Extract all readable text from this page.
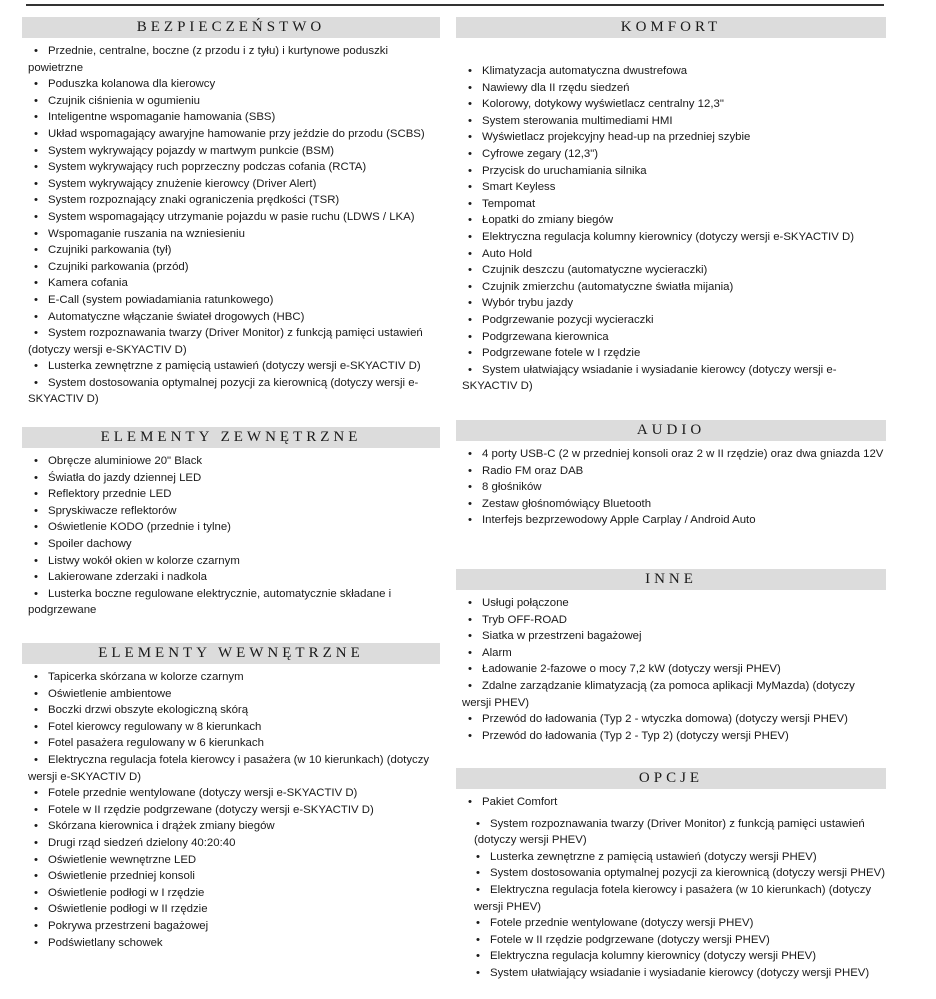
BEZPIECZEŃSTWO
• Przednie, centralne, boczne (z przodu i z tyłu) i kurtynowe poduszki powietrzne
• Poduszka kolanowa dla kierowcy
• Czujnik ciśnienia w ogumieniu
• Inteligentne wspomaganie hamowania (SBS)
• Układ wspomagający awaryjne hamowanie przy jeździe do przodu (SCBS)
• System wykrywający pojazdy w martwym punkcie (BSM)
• System wykrywający ruch poprzeczny podczas cofania (RCTA)
• System wykrywający znużenie kierowcy (Driver Alert)
• System rozpoznający znaki ograniczenia prędkości (TSR)
• System wspomagający utrzymanie pojazdu w pasie ruchu (LDWS / LKA)
• Wspomaganie ruszania na wzniesieniu
• Czujniki parkowania (tył)
• Czujniki parkowania (przód)
• Kamera cofania
• E-Call (system powiadamiania ratunkowego)
• Automatyczne włączanie świateł drogowych (HBC)
• System rozpoznawania twarzy (Driver Monitor) z funkcją pamięci ustawień (dotyczy wersji e-SKYACTIV D)
• Lusterka zewnętrzne z pamięcią ustawień (dotyczy wersji e-SKYACTIV D)
• System dostosowania optymalnej pozycji za kierownicą (dotyczy wersji e-SKYACTIV D)
ELEMENTY ZEWNĘTRZNE
• Obręcze aluminiowe 20" Black
• Światła do jazdy dziennej LED
• Reflektory przednie LED
• Spryskiwacze reflektorów
• Oświetlenie KODO (przednie i tylne)
• Spoiler dachowy
• Listwy wokół okien w kolorze czarnym
• Lakierowane zderzaki i nadkola
• Lusterka boczne regulowane elektrycznie, automatycznie składane i podgrzewane
ELEMENTY WEWNĘTRZNE
• Tapicerka skórzana w kolorze czarnym
• Oświetlenie ambientowe
• Boczki drzwi obszyte ekologiczną skórą
• Fotel kierowcy regulowany w 8 kierunkach
• Fotel pasażera regulowany w 6 kierunkach
• Elektryczna regulacja fotela kierowcy i pasażera (w 10 kierunkach) (dotyczy wersji e-SKYACTIV D)
• Fotele przednie wentylowane (dotyczy wersji e-SKYACTIV D)
• Fotele w II rzędzie podgrzewane (dotyczy wersji e-SKYACTIV D)
• Skórzana kierownica i drążek zmiany biegów
• Drugi rząd siedzeń dzielony 40:20:40
• Oświetlenie wewnętrzne LED
• Oświetlenie przedniej konsoli
• Oświetlenie podłogi w I rzędzie
• Oświetlenie podłogi w II rzędzie
• Pokrywa przestrzeni bagażowej
• Podświetlany schowek
KOMFORT
• Klimatyzacja automatyczna dwustrefowa
• Nawiewy dla II rzędu siedzeń
• Kolorowy, dotykowy wyświetlacz centralny 12,3"
• System sterowania multimediami HMI
• Wyświetlacz projekcyjny head-up na przedniej szybie
• Cyfrowe zegary (12,3")
• Przycisk do uruchamiania silnika
• Smart Keyless
• Tempomat
• Łopatki do zmiany biegów
• Elektryczna regulacja kolumny kierownicy (dotyczy wersji e-SKYACTIV D)
• Auto Hold
• Czujnik deszczu (automatyczne wycieraczki)
• Czujnik zmierzchu (automatyczne światła mijania)
• Wybór trybu jazdy
• Podgrzewanie pozycji wycieraczki
• Podgrzewana kierownica
• Podgrzewane fotele w I rzędzie
• System ułatwiający wsiadanie i wysiadanie kierowcy (dotyczy wersji e-SKYACTIV D)
AUDIO
• 4 porty USB-C (2 w przedniej konsoli oraz 2 w II rzędzie) oraz dwa gniazda 12V
• Radio FM oraz DAB
• 8 głośników
• Zestaw głośnomówiący Bluetooth
• Interfejs bezprzewodowy Apple Carplay / Android Auto
INNE
• Usługi połączone
• Tryb OFF-ROAD
• Siatka w przestrzeni bagażowej
• Alarm
• Ładowanie 2-fazowe o mocy 7,2 kW (dotyczy wersji PHEV)
• Zdalne zarządzanie klimatyzacją (za pomoca aplikacji MyMazda) (dotyczy wersji PHEV)
• Przewód do ładowania (Typ 2 - wtyczka domowa) (dotyczy wersji PHEV)
• Przewód do ładowania (Typ 2 - Typ 2) (dotyczy wersji PHEV)
OPCJE
• Pakiet Comfort
• System rozpoznawania twarzy (Driver Monitor) z funkcją pamięci ustawień (dotyczy wersji PHEV)
• Lusterka zewnętrzne z pamięcią ustawień (dotyczy wersji PHEV)
• System dostosowania optymalnej pozycji za kierownicą (dotyczy wersji PHEV)
• Elektryczna regulacja fotela kierowcy i pasażera (w 10 kierunkach) (dotyczy wersji PHEV)
• Fotele przednie wentylowane (dotyczy wersji PHEV)
• Fotele w II rzędzie podgrzewane (dotyczy wersji PHEV)
• Elektryczna regulacja kolumny kierownicy (dotyczy wersji PHEV)
• System ułatwiający wsiadanie i wysiadanie kierowcy (dotyczy wersji PHEV)
